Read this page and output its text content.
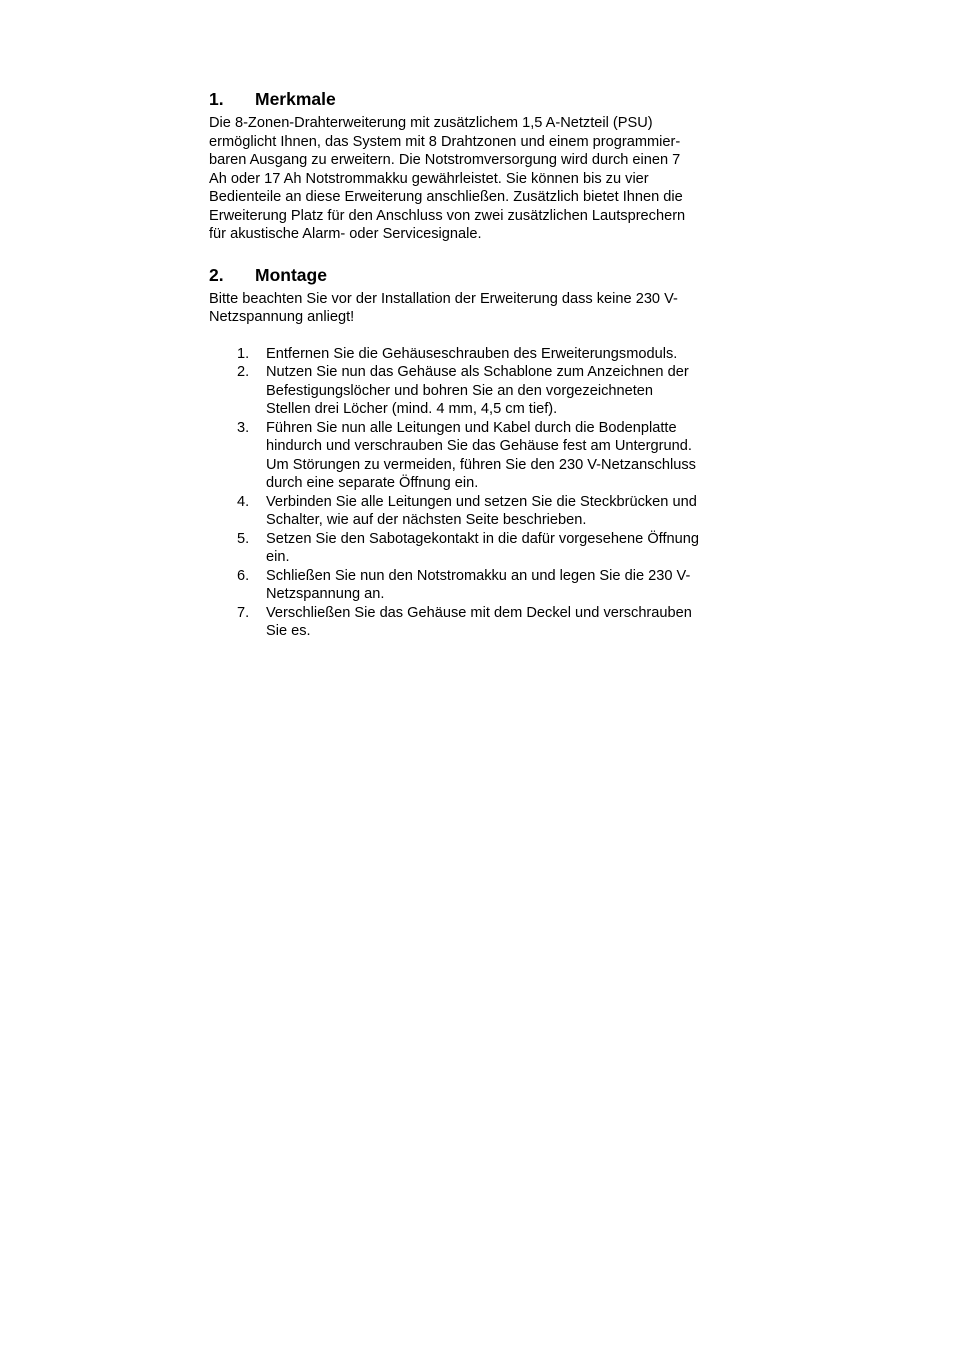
1.	Merkmale

Die 8-Zonen-Drahterweiterung mit zusätzlichem 1,5 A-Netzteil (PSU)
ermöglicht Ihnen, das System mit 8 Drahtzonen und einem programmier-
baren Ausgang zu erweitern. Die Notstromversorgung wird durch einen 7
Ah oder 17 Ah Notstrommakku gewährleistet. Sie können bis zu vier
Bedienteile an diese Erweiterung anschließen. Zusätzlich bietet Ihnen die
Erweiterung Platz für den Anschluss von zwei zusätzlichen Lautsprechern
für akustische Alarm- oder Servicesignale.

2.	Montage

Bitte beachten Sie vor der Installation der Erweiterung dass keine 230 V-
Netzspannung anliegt!

1.	Entfernen Sie die Gehäuseschrauben des Erweiterungsmoduls.
2.	Nutzen Sie nun das Gehäuse als Schablone zum Anzeichnen der
Befestigungslöcher und bohren Sie an den vorgezeichneten
Stellen drei Löcher (mind. 4 mm, 4,5 cm tief).
3.	Führen Sie nun alle Leitungen und Kabel durch die Bodenplatte
hindurch und verschrauben Sie das Gehäuse fest am Untergrund.
Um Störungen zu vermeiden, führen Sie den 230 V-Netzanschluss
durch eine separate Öffnung ein.
4.	Verbinden Sie alle Leitungen und setzen Sie die Steckbrücken und
Schalter, wie auf der nächsten Seite beschrieben.
5.	Setzen Sie den Sabotagekontakt in die dafür vorgesehene Öffnung
ein.
6.	Schließen Sie nun den Notstromakku an und legen Sie die 230 V-
Netzspannung an.
7.	Verschließen Sie das Gehäuse mit dem Deckel und verschrauben
Sie es.
